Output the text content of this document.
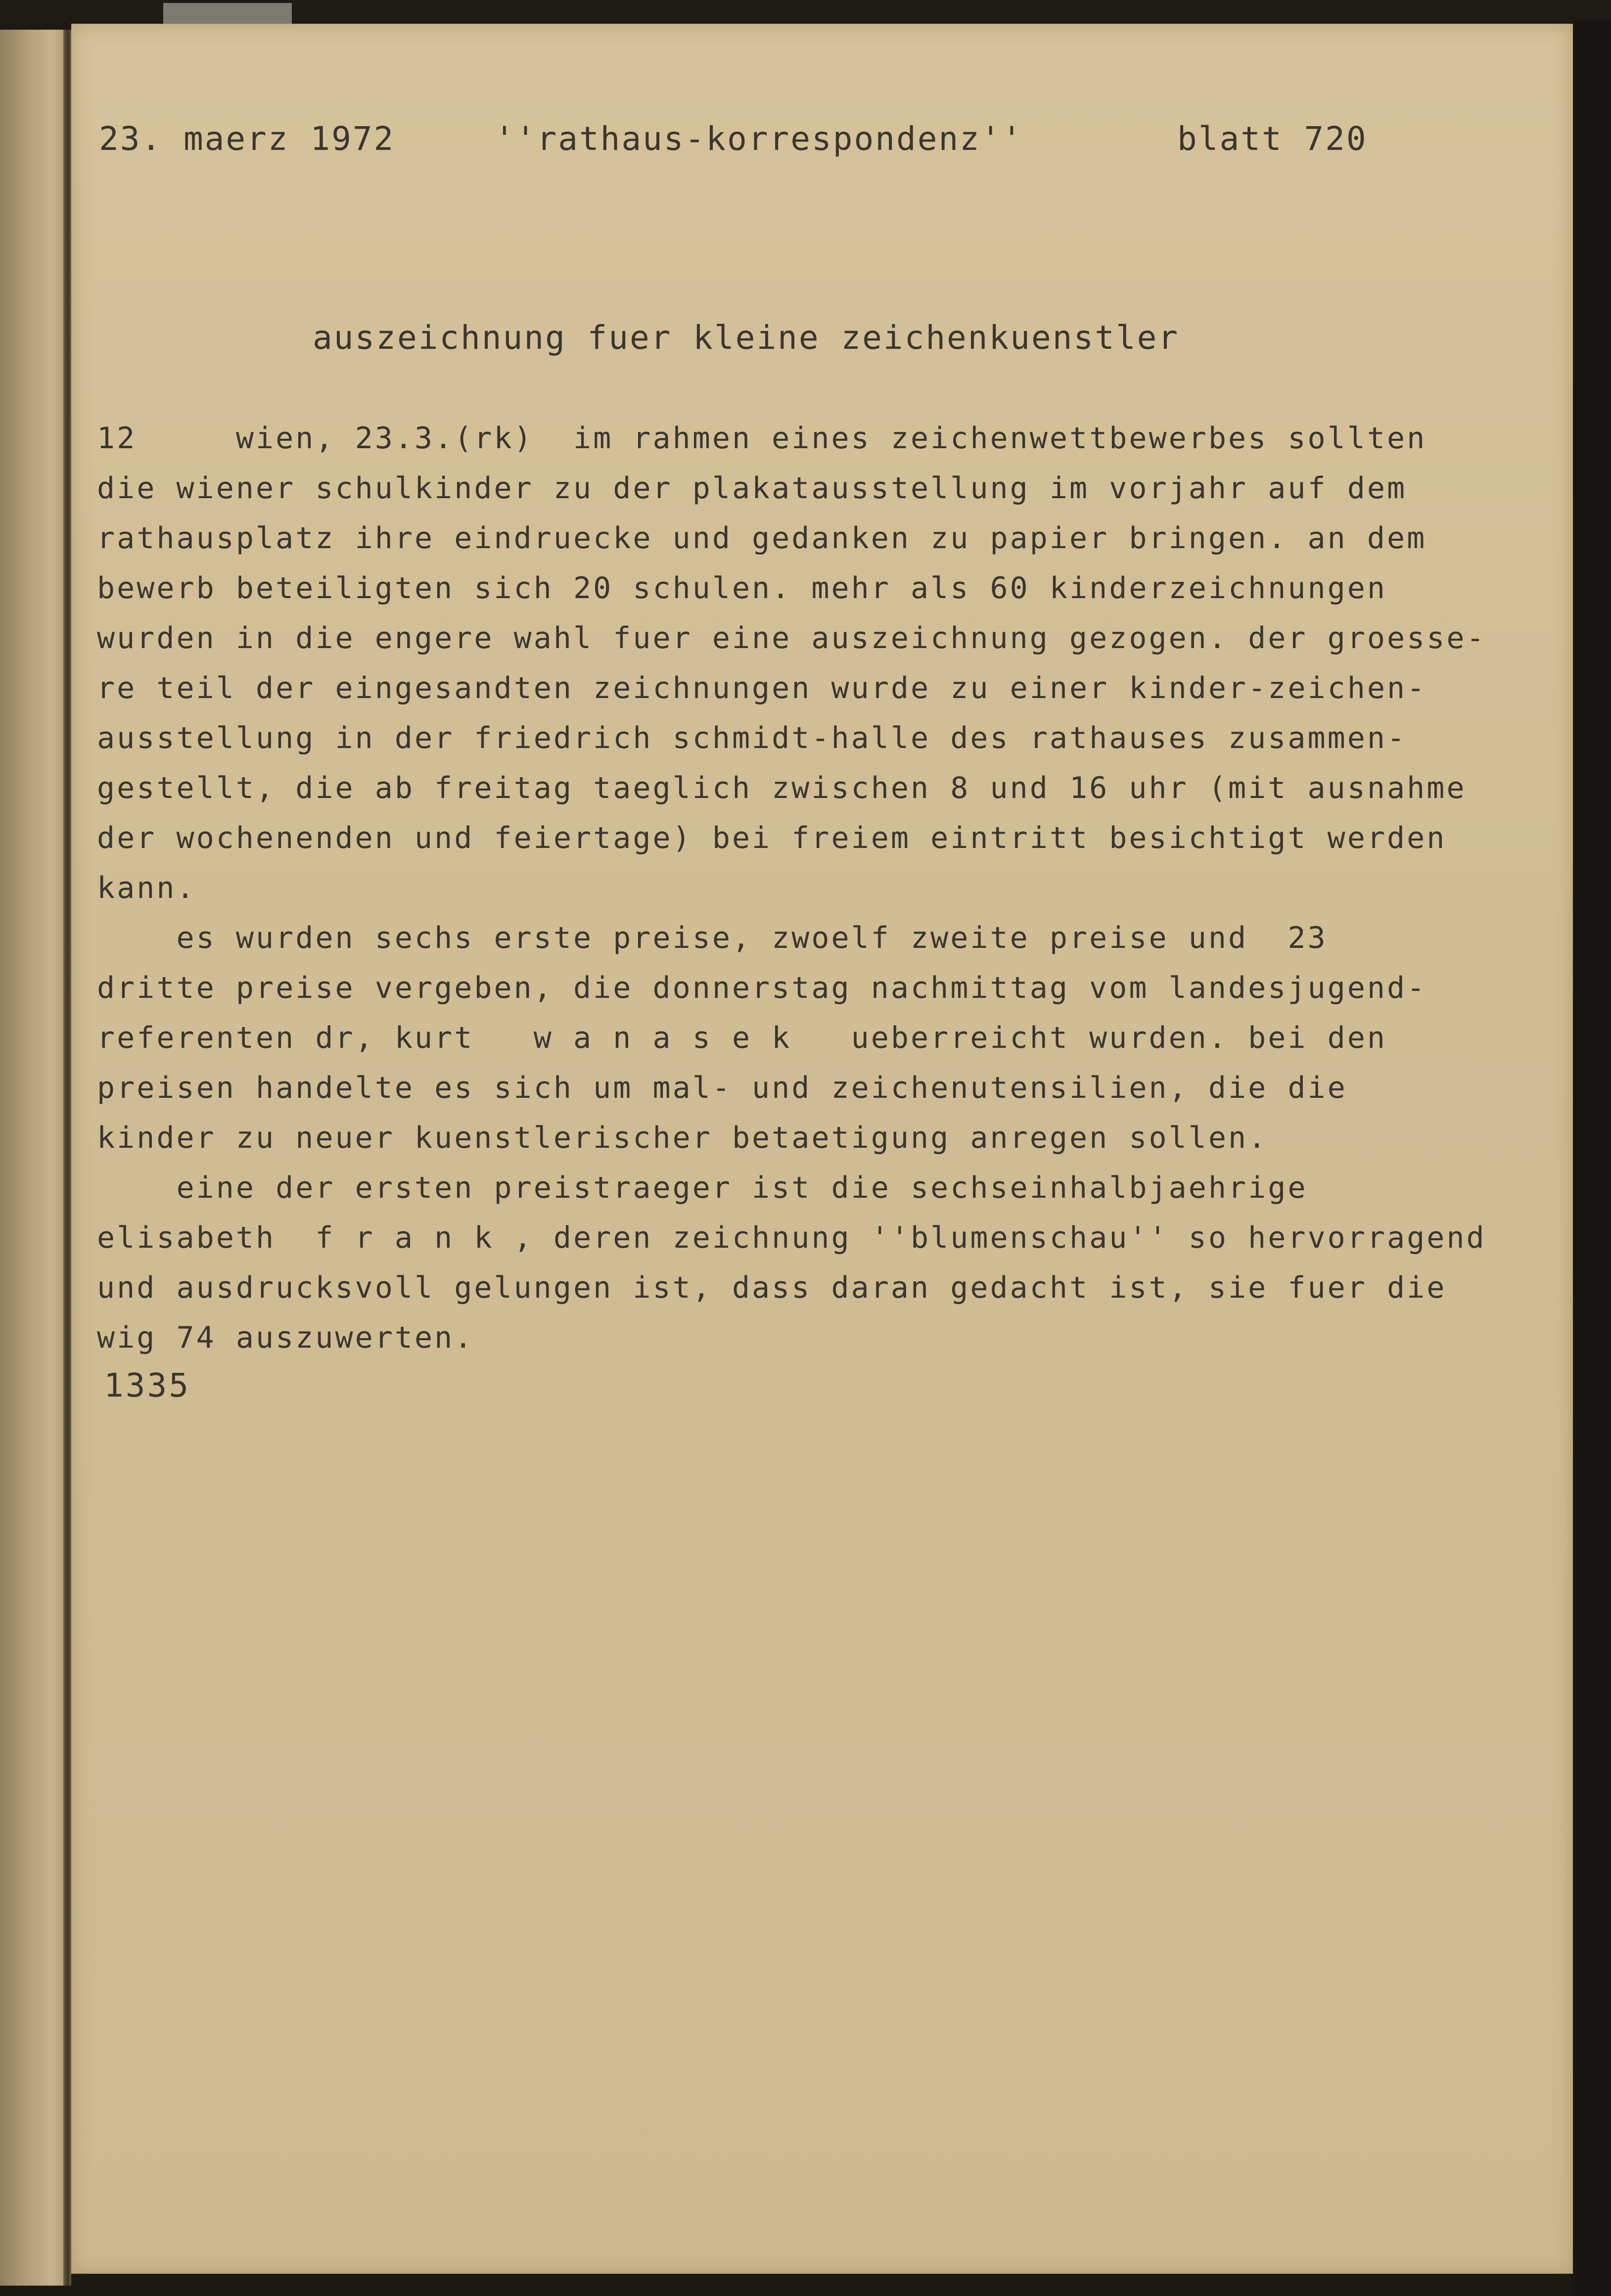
23. maerz 1972

	''rathaus-korrespondenz''

	blatt 720

auszeichnung fuer kleine zeichenkuenstler
12     wien, 23.3.(rk)  im rahmen eines zeichenwettbewerbes sollten
die wiener schulkinder zu der plakatausstellung im vorjahr auf dem
rathausplatz ihre eindruecke und gedanken zu papier bringen. an dem
bewerb beteiligten sich 20 schulen. mehr als 60 kinderzeichnungen
wurden in die engere wahl fuer eine auszeichnung gezogen. der groesse-
re teil der eingesandten zeichnungen wurde zu einer kinder-zeichen-
ausstellung in der friedrich schmidt-halle des rathauses zusammen-
gestellt, die ab freitag taeglich zwischen 8 und 16 uhr (mit ausnahme
der wochenenden und feiertage) bei freiem eintritt besichtigt werden
kann.
es wurden sechs erste preise, zwoelf zweite preise und  23
dritte preise vergeben, die donnerstag nachmittag vom landesjugend-
referenten dr, kurt   w a n a s e k   ueberreicht wurden. bei den
preisen handelte es sich um mal- und zeichenutensilien, die die
kinder zu neuer kuenstlerischer betaetigung anregen sollen.
eine der ersten preistraeger ist die sechseinhalbjaehrige
elisabeth  f r a n k , deren zeichnung ''blumenschau'' so hervorragend
und ausdrucksvoll gelungen ist, dass daran gedacht ist, sie fuer die
wig 74 auszuwerten.
1335
